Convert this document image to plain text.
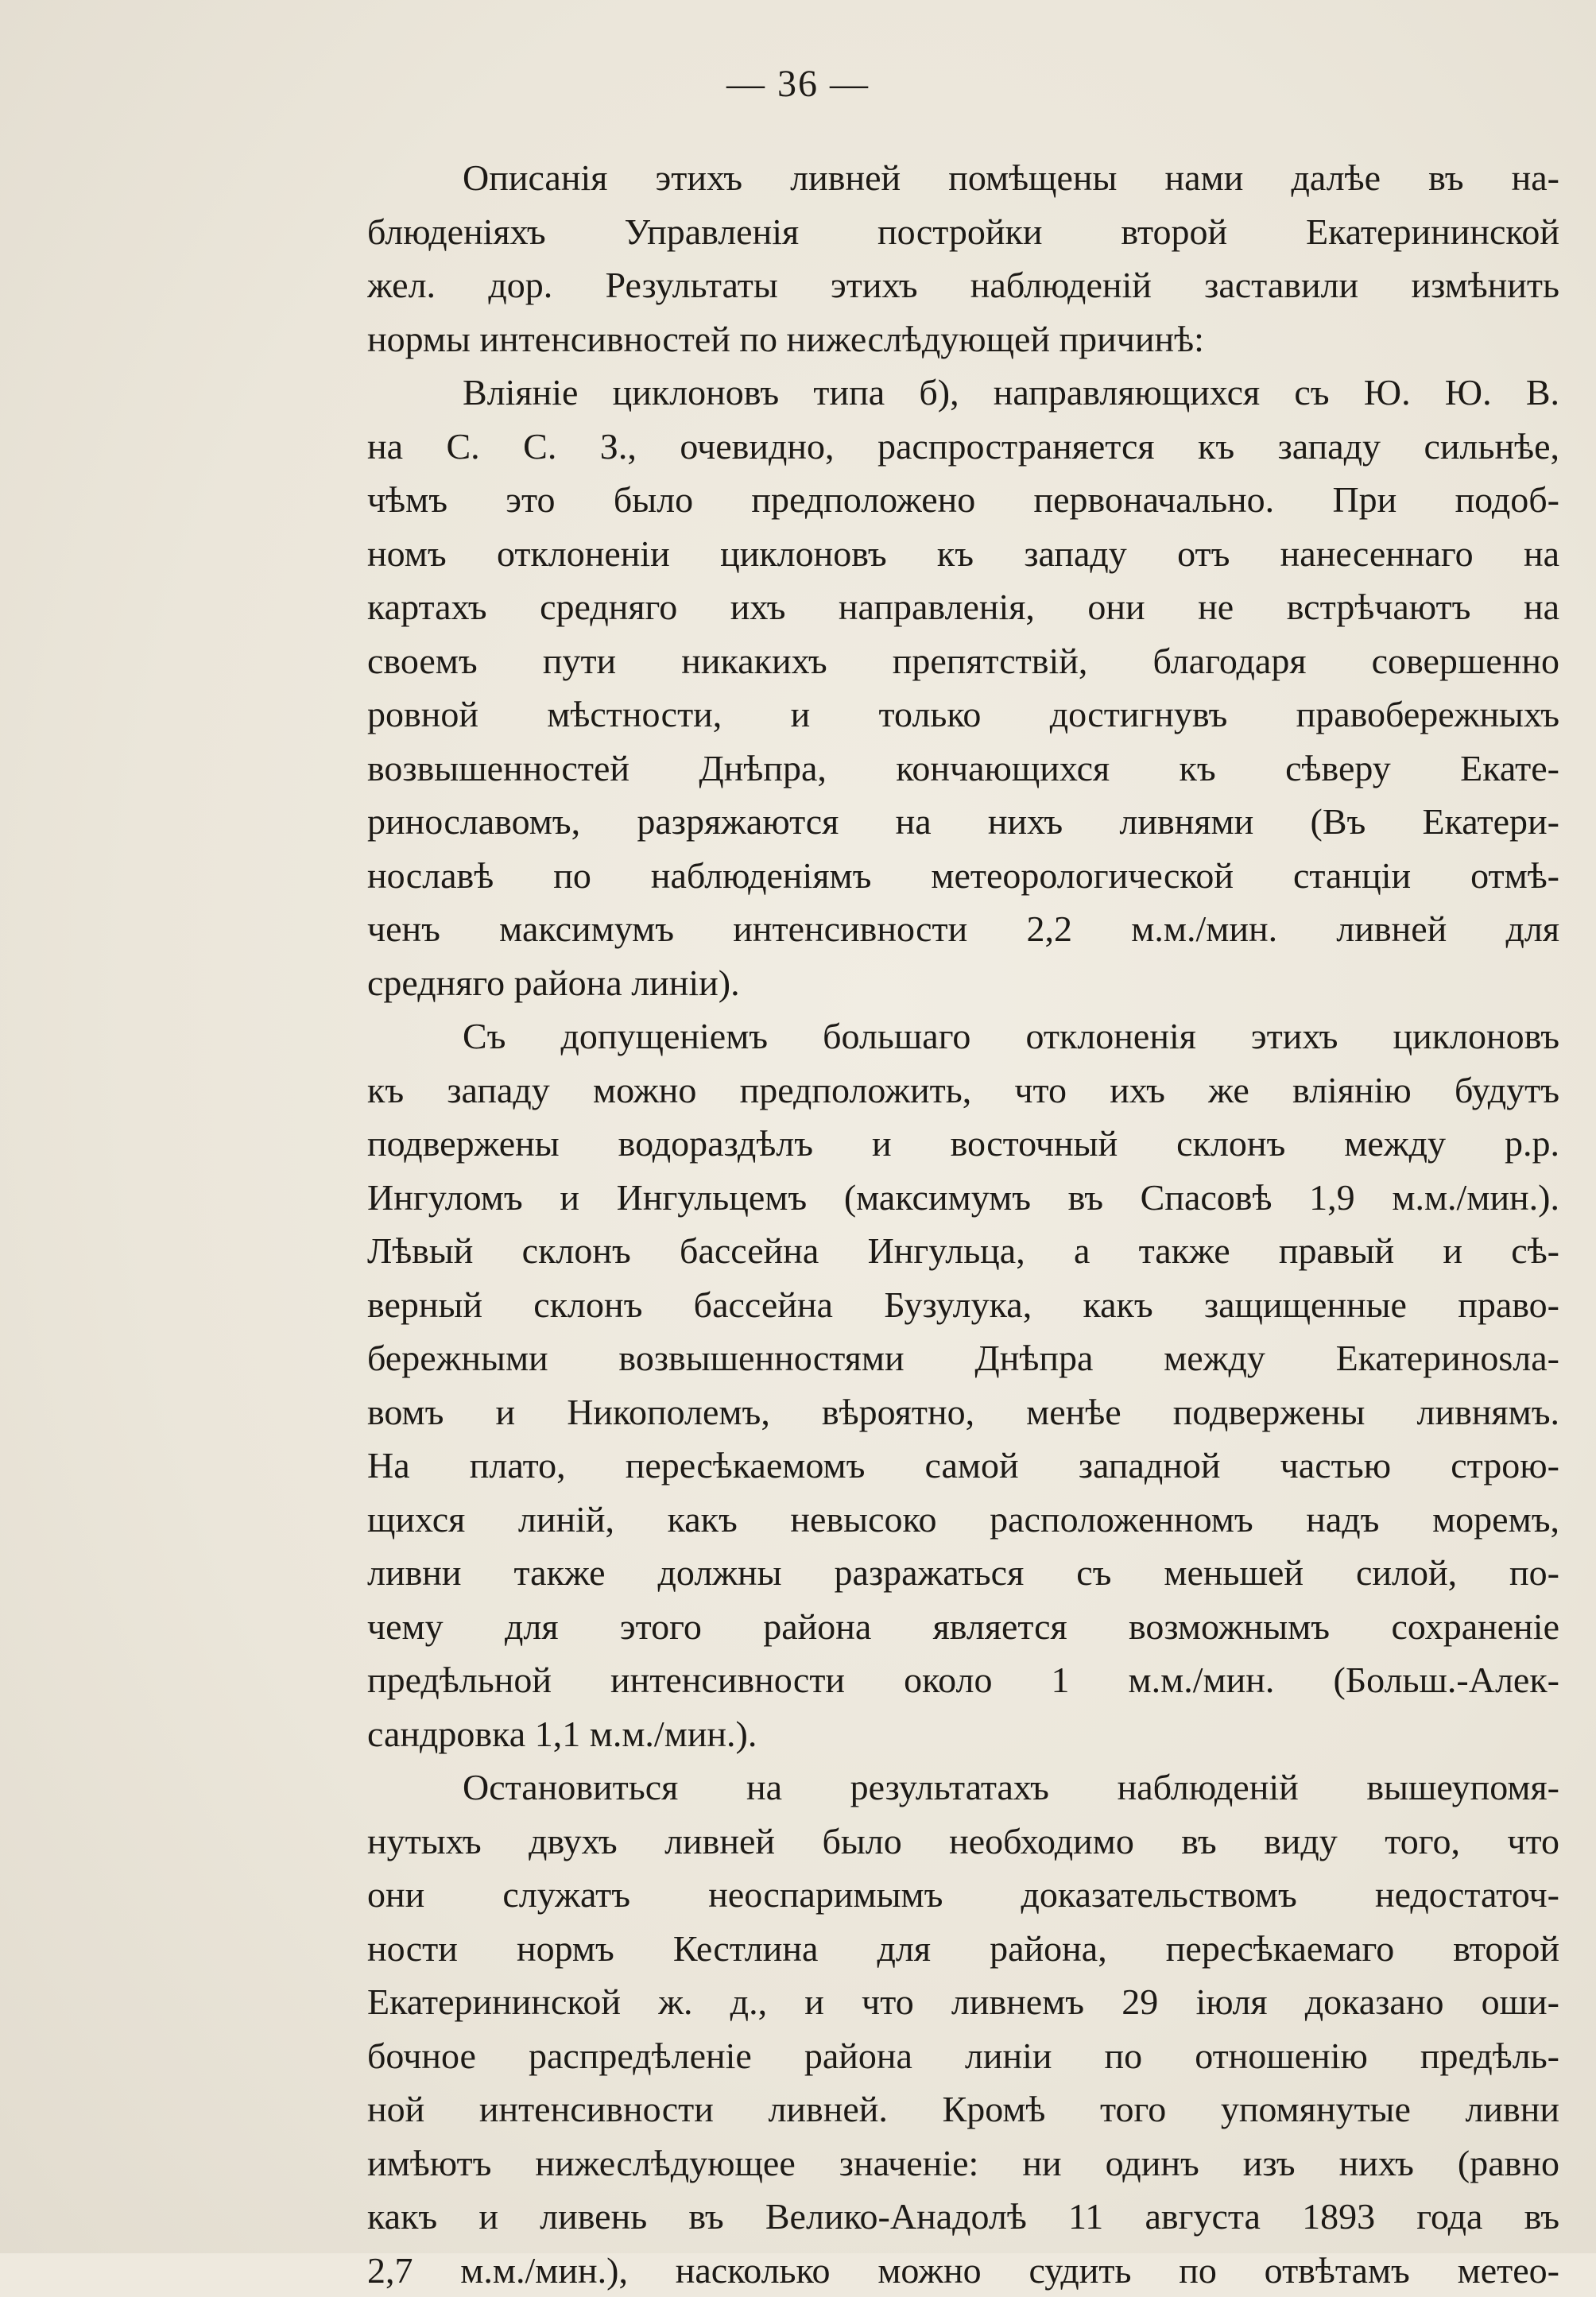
— 36 —

Описанія этихъ ливней помѣщены нами далѣе въ на-
блюденіяхъ Управленія постройки второй Екатерининской
жел. дор. Результаты этихъ наблюденій заставили измѣнить
нормы интенсивностей по нижеслѣдующей причинѣ:

Вліяніе циклоновъ типа б), направляющихся съ Ю. Ю. В.
на С. С. З., очевидно, распространяется къ западу сильнѣе,
чѣмъ это было предположено первоначально. При подоб-
номъ отклоненіи циклоновъ къ западу отъ нанесеннаго на
картахъ средняго ихъ направленія, они не встрѣчаютъ на
своемъ пути никакихъ препятствій, благодаря совершенно
ровной мѣстности, и только достигнувъ правобережныхъ
возвышенностей Днѣпра, кончающихся къ сѣверу Екате-
ринославомъ, разряжаются на нихъ ливнями (Въ Екатери-
нославѣ по наблюденіямъ метеорологической станціи отмѣ-
ченъ максимумъ интенсивности 2,2 м.м./мин. ливней для
средняго района линіи).

Съ допущеніемъ большаго отклоненія этихъ циклоновъ
къ западу можно предположить, что ихъ же вліянію будутъ
подвержены водораздѣлъ и восточный склонъ между р.р.
Ингуломъ и Ингульцемъ (максимумъ въ Спасовѣ 1,9 м.м./мин.).
Лѣвый склонъ бассейна Ингульца, а также правый и сѣ-
верный склонъ бассейна Бузулука, какъ защищенные право-
бережными возвышенностями Днѣпра между Екатеринosла-
вомъ и Никополемъ, вѣроятно, менѣе подвержены ливнямъ.
На плато, пересѣкаемомъ самой западной частью строю-
щихся линій, какъ невысоко расположенномъ надъ моремъ,
ливни также должны разражаться съ меньшей силой, по-
чему для этого района является возможнымъ сохраненіе
предѣльной интенсивности около 1 м.м./мин. (Больш.-Алек-
сандровка 1,1 м.м./мин.).

Остановиться на результатахъ наблюденій вышеупомя-
нутыхъ двухъ ливней было необходимо въ виду того, что
они служатъ неоспаримымъ доказательствомъ недостаточ-
ности нормъ Кестлина для района, пересѣкаемаго второй
Екатерининской ж. д., и что ливнемъ 29 іюля доказано оши-
бочное распредѣленіе района линіи по отношенію предѣль-
ной интенсивности ливней. Кромѣ того упомянутые ливни
имѣютъ нижеслѣдующее значеніе: ни одинъ изъ нихъ (равно
какъ и ливень въ Велико-Анадолѣ 11 августа 1893 года въ
2,7 м.м./мин.), насколько можно судить по отвѣтамъ метео-
